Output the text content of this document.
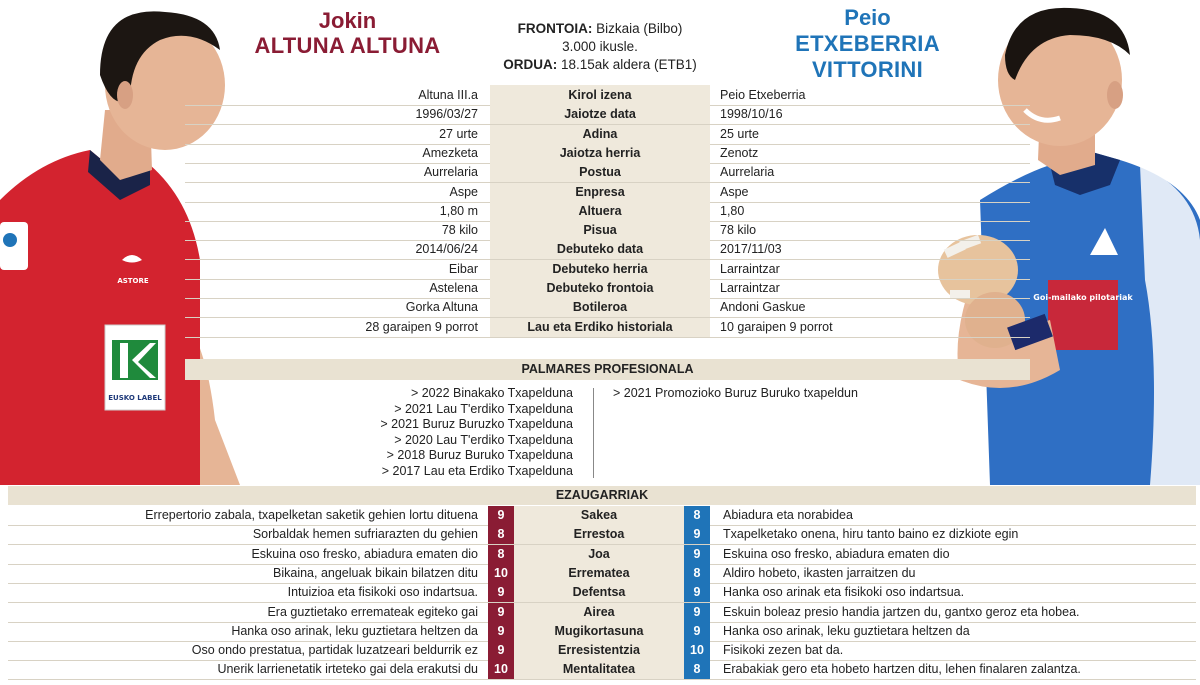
EUSKO LABEL
ASTORE
Goi-mailako pilotariak
Jokin
ALTUNA ALTUNA
Peio
ETXEBERRIA VITTORINI
FRONTOIA: Bizkaia (Bilbo)
3.000 ikusle.
ORDUA: 18.15ak aldera (ETB1)
Altuna III.a	Kirol izena	Peio Etxeberria
1996/03/27	Jaiotze data	1998/10/16
27 urte	Adina	25 urte
Amezketa	Jaiotza herria	Zenotz
Aurrelaria	Postua	Aurrelaria
Aspe	Enpresa	Aspe
1,80 m	Altuera	1,80
78 kilo	Pisua	78 kilo
2014/06/24	Debuteko data	2017/11/03
Eibar	Debuteko herria	Larraintzar
Astelena	Debuteko frontoia	Larraintzar
Gorka Altuna	Botileroa	Andoni Gaskue
28 garaipen 9 porrot	Lau eta Erdiko historiala	10 garaipen 9 porrot
PALMARES PROFESIONALA
> 2022 Binakako Txapelduna
> 2021 Lau T'erdiko Txapelduna
> 2021 Buruz Buruzko Txapelduna
> 2020 Lau T'erdiko Txapelduna
> 2018 Buruz Buruko Txapelduna
> 2017 Lau eta Erdiko Txapelduna
> 2021 Promozioko Buruz Buruko txapeldun
EZAUGARRIAK
Errepertorio zabala, txapelketan saketik gehien lortu dituena	9	Sakea	8	Abiadura eta norabidea
Sorbaldak hemen sufriarazten du gehien	8	Errestoa	9	Txapelketako onena, hiru tanto baino ez dizkiote egin
Eskuina oso fresko, abiadura ematen dio	8	Joa	9	Eskuina oso fresko, abiadura ematen dio
Bikaina, angeluak bikain bilatzen ditu	10	Errematea	8	Aldiro hobeto, ikasten jarraitzen du
Intuizioa eta fisikoki oso indartsua.	9	Defentsa	9	Hanka oso arinak eta fisikoki oso indartsua.
Era guztietako erremateak egiteko gai	9	Airea	9	Eskuin boleaz presio handia jartzen du, gantxo geroz eta hobea.
Hanka oso arinak, leku guztietara heltzen da	9	Mugikortasuna	9	Hanka oso arinak, leku guztietara heltzen da
Oso ondo prestatua, partidak luzatzeari beldurrik ez	9	Erresistentzia	10	Fisikoki zezen bat da.
Unerik larrienetatik irteteko gai dela erakutsi du	10	Mentalitatea	8	Erabakiak gero eta hobeto hartzen ditu, lehen finalaren zalantza.
